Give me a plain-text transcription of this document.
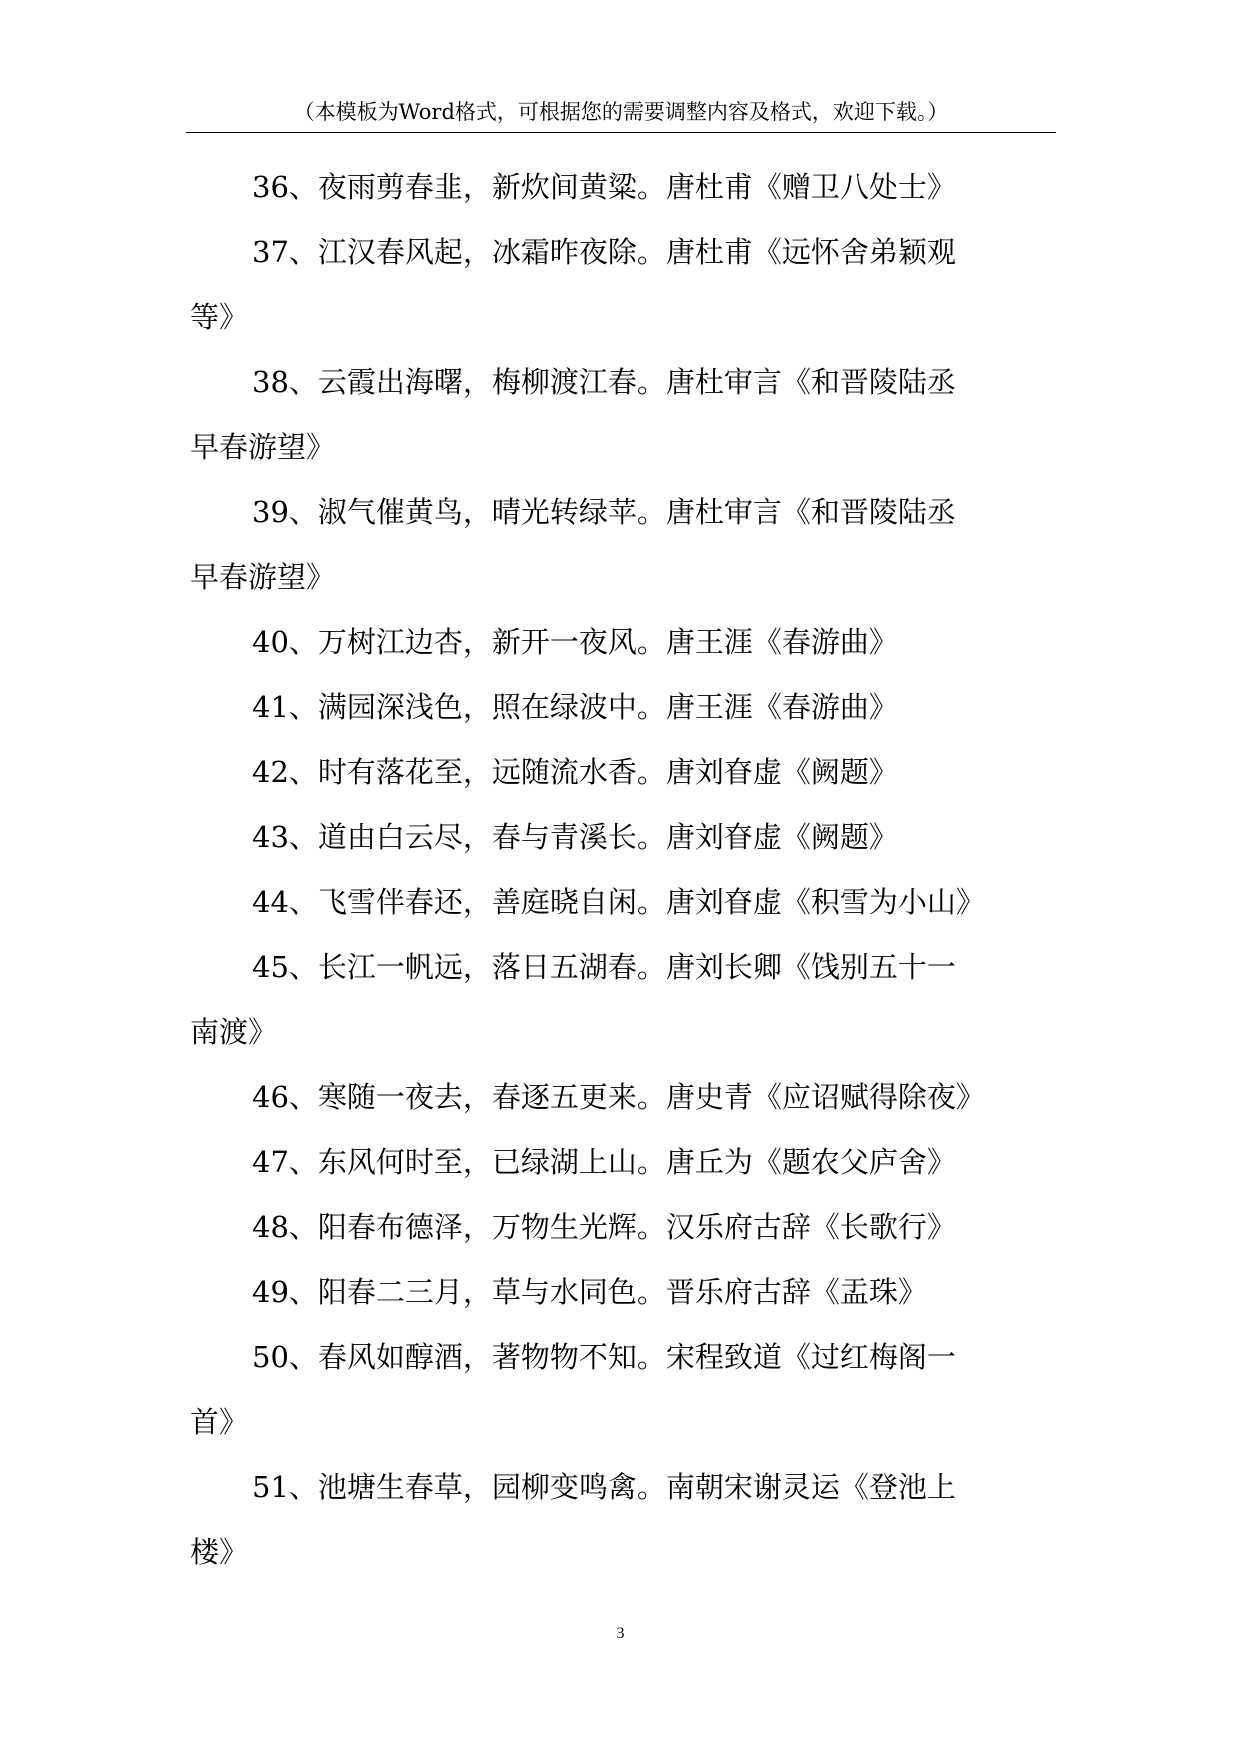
（本模板为Word格式，可根据您的需要调整内容及格式，欢迎下载。）

36、夜雨剪春韭，新炊间黄粱。唐杜甫《赠卫八处士》

37、江汉春风起，冰霜昨夜除。唐杜甫《远怀舍弟颖观

等》

38、云霞出海曙，梅柳渡江春。唐杜审言《和晋陵陆丞

早春游望》

39、淑气催黄鸟，晴光转绿苹。唐杜审言《和晋陵陆丞

早春游望》

40、万树江边杏，新开一夜风。唐王涯《春游曲》

41、满园深浅色，照在绿波中。唐王涯《春游曲》

42、时有落花至，远随流水香。唐刘眘虚《阙题》

43、道由白云尽，春与青溪长。唐刘眘虚《阙题》

44、飞雪伴春还，善庭晓自闲。唐刘眘虚《积雪为小山》

45、长江一帆远，落日五湖春。唐刘长卿《饯别五十一

南渡》

46、寒随一夜去，春逐五更来。唐史青《应诏赋得除夜》

47、东风何时至，已绿湖上山。唐丘为《题农父庐舍》

48、阳春布德泽，万物生光辉。汉乐府古辞《长歌行》

49、阳春二三月，草与水同色。晋乐府古辞《盂珠》

50、春风如醇酒，著物物不知。宋程致道《过红梅阁一

首》

51、池塘生春草，园柳变鸣禽。南朝宋谢灵运《登池上

楼》

3
